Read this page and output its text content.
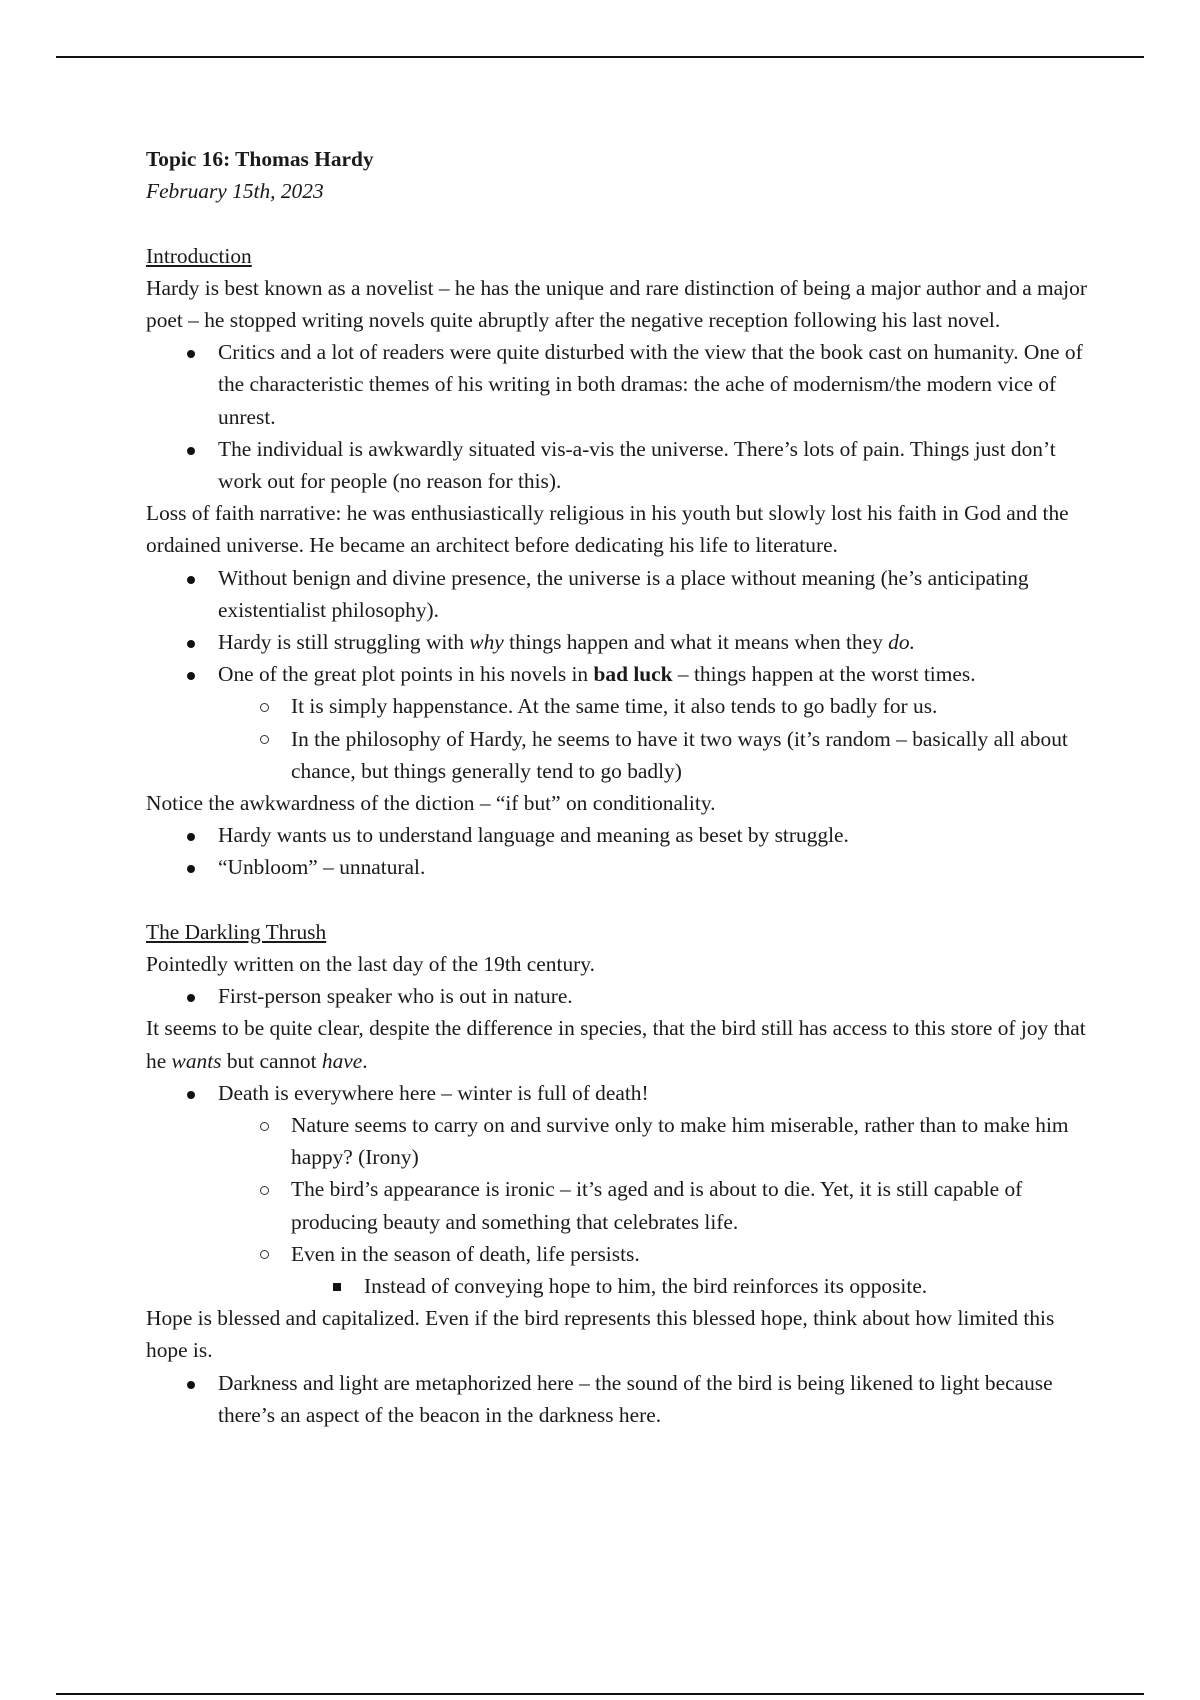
Topic 16: Thomas Hardy

February 15th, 2023

Introduction

Hardy is best known as a novelist – he has the unique and rare distinction of being a major author and a major poet – he stopped writing novels quite abruptly after the negative reception following his last novel.

Critics and a lot of readers were quite disturbed with the view that the book cast on humanity. One of the characteristic themes of his writing in both dramas: the ache of modernism/the modern vice of unrest.
The individual is awkwardly situated vis-a-vis the universe. There’s lots of pain. Things just don’t work out for people (no reason for this).

Loss of faith narrative: he was enthusiastically religious in his youth but slowly lost his faith in God and the ordained universe. He became an architect before dedicating his life to literature.

Without benign and divine presence, the universe is a place without meaning (he’s anticipating existentialist philosophy).
Hardy is still struggling with why things happen and what it means when they do.
One of the great plot points in his novels in bad luck – things happen at the worst times.
It is simply happenstance. At the same time, it also tends to go badly for us.
In the philosophy of Hardy, he seems to have it two ways (it’s random – basically all about chance, but things generally tend to go badly)

Notice the awkwardness of the diction – “if but” on conditionality.

Hardy wants us to understand language and meaning as beset by struggle.
“Unbloom” – unnatural.

The Darkling Thrush

Pointedly written on the last day of the 19th century.

First-person speaker who is out in nature.

It seems to be quite clear, despite the difference in species, that the bird still has access to this store of joy that he wants but cannot have.

Death is everywhere here – winter is full of death!
Nature seems to carry on and survive only to make him miserable, rather than to make him happy? (Irony)
The bird’s appearance is ironic – it’s aged and is about to die. Yet, it is still capable of producing beauty and something that celebrates life.
Even in the season of death, life persists.
Instead of conveying hope to him, the bird reinforces its opposite.

Hope is blessed and capitalized. Even if the bird represents this blessed hope, think about how limited this hope is.

Darkness and light are metaphorized here – the sound of the bird is being likened to light because there’s an aspect of the beacon in the darkness here.
